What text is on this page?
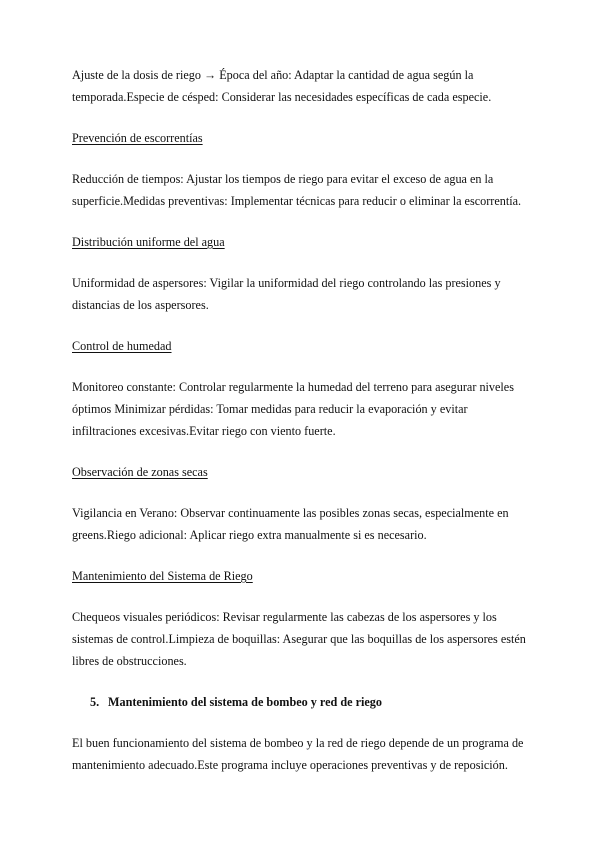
Ajuste de la dosis de riego → Época del año: Adaptar la cantidad de agua según la temporada.Especie de césped: Considerar las necesidades específicas de cada especie.

Prevención de escorrentías

Reducción de tiempos: Ajustar los tiempos de riego para evitar el exceso de agua en la superficie.Medidas preventivas: Implementar técnicas para reducir o eliminar la escorrentía.

Distribución uniforme del agua

Uniformidad de aspersores: Vigilar la uniformidad del riego controlando las presiones y distancias de los aspersores.

Control de humedad

Monitoreo constante: Controlar regularmente la humedad del terreno para asegurar niveles óptimos Minimizar pérdidas: Tomar medidas para reducir la evaporación y evitar infiltraciones excesivas.Evitar riego con viento fuerte.

Observación de zonas secas

Vigilancia en Verano: Observar continuamente las posibles zonas secas, especialmente en greens.Riego adicional: Aplicar riego extra manualmente si es necesario.

Mantenimiento del Sistema de Riego

Chequeos visuales periódicos: Revisar regularmente las cabezas de los aspersores y los sistemas de control.Limpieza de boquillas: Asegurar que las boquillas de los aspersores estén libres de obstrucciones.

5. Mantenimiento del sistema de bombeo y red de riego

El buen funcionamiento del sistema de bombeo y la red de riego depende de un programa de mantenimiento adecuado.Este programa incluye operaciones preventivas y de reposición.
